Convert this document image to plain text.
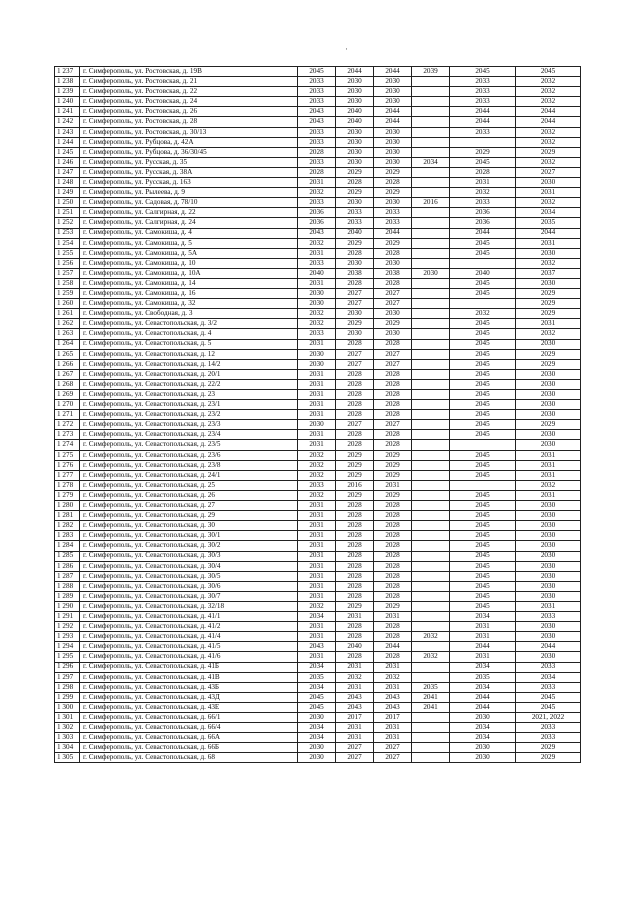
·
1 237	г. Симферополь, ул. Ростовская, д. 19В	2045	2044	2044	2039	2045	2045
1 238	г. Симферополь, ул. Ростовская, д. 21	2033	2030	2030		2033	2032
1 239	г. Симферополь, ул. Ростовская, д. 22	2033	2030	2030		2033	2032
1 240	г. Симферополь, ул. Ростовская, д. 24	2033	2030	2030		2033	2032
1 241	г. Симферополь, ул. Ростовская, д. 26	2043	2040	2044		2044	2044
1 242	г. Симферополь, ул. Ростовская, д. 28	2043	2040	2044		2044	2044
1 243	г. Симферополь, ул. Ростовская, д. 30/13	2033	2030	2030		2033	2032
1 244	г. Симферополь, ул. Рубцова, д. 42А	2033	2030	2030			2032
1 245	г. Симферополь, ул. Рубцова, д. 36/30/45	2028	2030	2030		2029	2029
1 246	г. Симферополь, ул. Русская, д. 35	2033	2030	2030	2034	2045	2032
1 247	г. Симферополь, ул. Русская, д. 38А	2028	2029	2029		2028	2027
1 248	г. Симферополь, ул. Русская, д. 163	2031	2028	2028		2031	2030
1 249	г. Симферополь, ул. Рылеева, д. 9	2032	2029	2029		2032	2031
1 250	г. Симферополь, ул. Садовая, д. 78/10	2033	2030	2030	2016	2033	2032
1 251	г. Симферополь, ул. Салгирная, д. 22	2036	2033	2033		2036	2034
1 252	г. Симферополь, ул. Салгирная, д. 24	2036	2033	2033		2036	2035
1 253	г. Симферополь, ул. Самокиша, д. 4	2043	2040	2044		2044	2044
1 254	г. Симферополь, ул. Самокиша, д. 5	2032	2029	2029		2045	2031
1 255	г. Симферополь, ул. Самокиша, д. 5А	2031	2028	2028		2045	2030
1 256	г. Симферополь, ул. Самокиша, д. 10	2033	2030	2030			2032
1 257	г. Симферополь, ул. Самокиша, д. 10А	2040	2038	2038	2030	2040	2037
1 258	г. Симферополь, ул. Самокиша, д. 14	2031	2028	2028		2045	2030
1 259	г. Симферополь, ул. Самокиша, д. 16	2030	2027	2027		2045	2029
1 260	г. Симферополь, ул. Самокиша, д. 32	2030	2027	2027			2029
1 261	г. Симферополь, ул. Свободная, д. 3	2032	2030	2030		2032	2029
1 262	г. Симферополь, ул. Севастопольская, д. 3/2	2032	2029	2029		2045	2031
1 263	г. Симферополь, ул. Севастопольская, д. 4	2033	2030	2030		2045	2032
1 264	г. Симферополь, ул. Севастопольская, д. 5	2031	2028	2028		2045	2030
1 265	г. Симферополь, ул. Севастопольская, д. 12	2030	2027	2027		2045	2029
1 266	г. Симферополь, ул. Севастопольская, д. 14/2	2030	2027	2027		2045	2029
1 267	г. Симферополь, ул. Севастопольская, д. 20/1	2031	2028	2028		2045	2030
1 268	г. Симферополь, ул. Севастопольская, д. 22/2	2031	2028	2028		2045	2030
1 269	г. Симферополь, ул. Севастопольская, д. 23	2031	2028	2028		2045	2030
1 270	г. Симферополь, ул. Севастопольская, д. 23/1	2031	2028	2028		2045	2030
1 271	г. Симферополь, ул. Севастопольская, д. 23/2	2031	2028	2028		2045	2030
1 272	г. Симферополь, ул. Севастопольская, д. 23/3	2030	2027	2027		2045	2029
1 273	г. Симферополь, ул. Севастопольская, д. 23/4	2031	2028	2028		2045	2030
1 274	г. Симферополь, ул. Севастопольская, д. 23/5	2031	2028	2028			2030
1 275	г. Симферополь, ул. Севастопольская, д. 23/6	2032	2029	2029		2045	2031
1 276	г. Симферополь, ул. Севастопольская, д. 23/8	2032	2029	2029		2045	2031
1 277	г. Симферополь, ул. Севастопольская, д. 24/1	2032	2029	2029		2045	2031
1 278	г. Симферополь, ул. Севастопольская, д. 25	2033	2016	2031			2032
1 279	г. Симферополь, ул. Севастопольская, д. 26	2032	2029	2029		2045	2031
1 280	г. Симферополь, ул. Севастопольская, д. 27	2031	2028	2028		2045	2030
1 281	г. Симферополь, ул. Севастопольская, д. 29	2031	2028	2028		2045	2030
1 282	г. Симферополь, ул. Севастопольская, д. 30	2031	2028	2028		2045	2030
1 283	г. Симферополь, ул. Севастопольская, д. 30/1	2031	2028	2028		2045	2030
1 284	г. Симферополь, ул. Севастопольская, д. 30/2	2031	2028	2028		2045	2030
1 285	г. Симферополь, ул. Севастопольская, д. 30/3	2031	2028	2028		2045	2030
1 286	г. Симферополь, ул. Севастопольская, д. 30/4	2031	2028	2028		2045	2030
1 287	г. Симферополь, ул. Севастопольская, д. 30/5	2031	2028	2028		2045	2030
1 288	г. Симферополь, ул. Севастопольская, д. 30/6	2031	2028	2028		2045	2030
1 289	г. Симферополь, ул. Севастопольская, д. 30/7	2031	2028	2028		2045	2030
1 290	г. Симферополь, ул. Севастопольская, д. 32/18	2032	2029	2029		2045	2031
1 291	г. Симферополь, ул. Севастопольская, д. 41/1	2034	2031	2031		2034	2033
1 292	г. Симферополь, ул. Севастопольская, д. 41/2	2031	2028	2028		2031	2030
1 293	г. Симферополь, ул. Севастопольская, д. 41/4	2031	2028	2028	2032	2031	2030
1 294	г. Симферополь, ул. Севастопольская, д. 41/5	2043	2040	2044		2044	2044
1 295	г. Симферополь, ул. Севастопольская, д. 41/6	2031	2028	2028	2032	2031	2030
1 296	г. Симферополь, ул. Севастопольская, д. 41Б	2034	2031	2031		2034	2033
1 297	г. Симферополь, ул. Севастопольская, д. 41В	2035	2032	2032		2035	2034
1 298	г. Симферополь, ул. Севастопольская, д. 43Б	2034	2031	2031	2035	2034	2033
1 299	г. Симферополь, ул. Севастопольская, д. 43Д	2045	2043	2043	2041	2044	2045
1 300	г. Симферополь, ул. Севастопольская, д. 43Е	2045	2043	2043	2041	2044	2045
1 301	г. Симферополь, ул. Севастопольская, д. 66/1	2030	2017	2017		2030	2021, 2022
1 302	г. Симферополь, ул. Севастопольская, д. 66/4	2034	2031	2031		2034	2033
1 303	г. Симферополь, ул. Севастопольская, д. 66А	2034	2031	2031		2034	2033
1 304	г. Симферополь, ул. Севастопольская, д. 66Б	2030	2027	2027		2030	2029
1 305	г. Симферополь, ул. Севастопольская, д. 68	2030	2027	2027		2030	2029
